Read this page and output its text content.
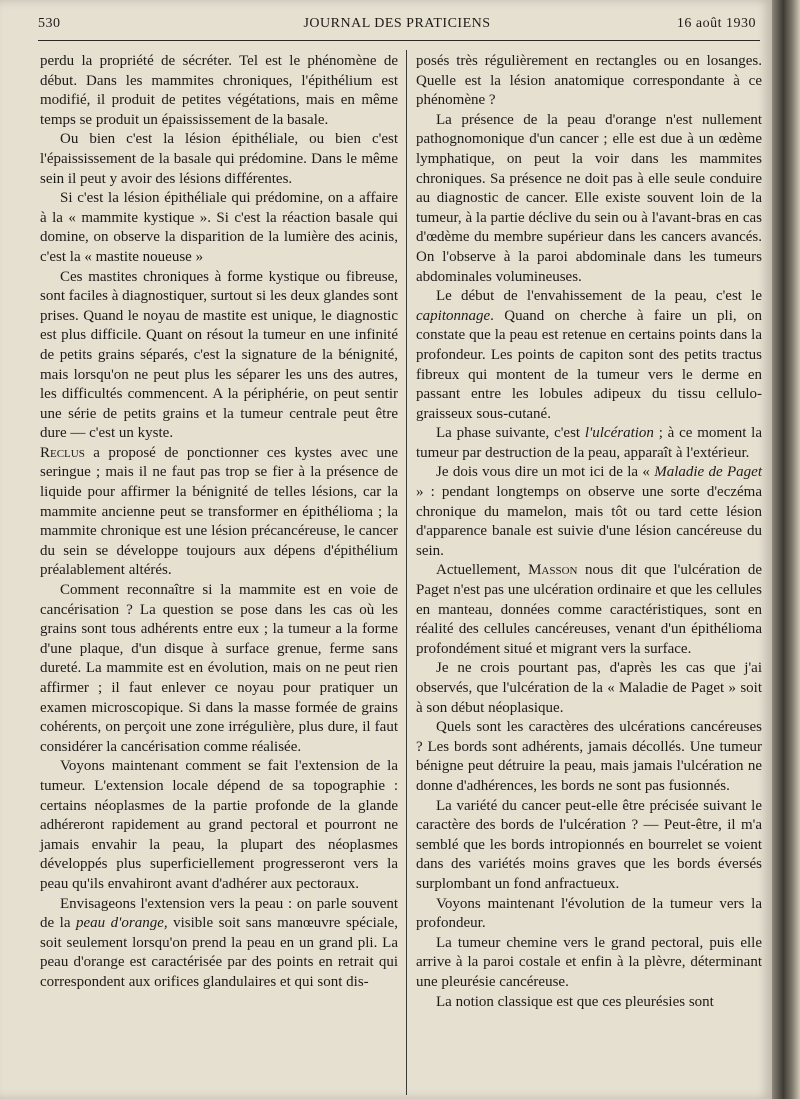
530	JOURNAL DES PRATICIENS	16 août 1930

perdu la propriété de sécréter. Tel est le phénomène de début. Dans les mammites chroniques, l'épithélium est modifié, il produit de petites végétations, mais en même temps se produit un épaississement de la basale.

Ou bien c'est la lésion épithéliale, ou bien c'est l'épaississement de la basale qui prédomine. Dans le même sein il peut y avoir des lésions différentes.

Si c'est la lésion épithéliale qui prédomine, on a affaire à la « mammite kystique ». Si c'est la réaction basale qui domine, on observe la disparition de la lumière des acinis, c'est la « mastite noueuse »

Ces mastites chroniques à forme kystique ou fibreuse, sont faciles à diagnostiquer, surtout si les deux glandes sont prises. Quand le noyau de mastite est unique, le diagnostic est plus difficile. Quant on résout la tumeur en une infinité de petits grains séparés, c'est la signature de la bénignité, mais lorsqu'on ne peut plus les séparer les uns des autres, les difficultés commencent. A la périphérie, on peut sentir une série de petits grains et la tumeur centrale peut être dure — c'est un kyste.

Reclus a proposé de ponctionner ces kystes avec une seringue ; mais il ne faut pas trop se fier à la présence de liquide pour affirmer la bénignité de telles lésions, car la mammite ancienne peut se transformer en épithélioma ; la mammite chronique est une lésion précancéreuse, le cancer du sein se développe toujours aux dépens d'épithélium préalablement altérés.

Comment reconnaître si la mammite est en voie de cancérisation ? La question se pose dans les cas où les grains sont tous adhérents entre eux ; la tumeur a la forme d'une plaque, d'un disque à surface grenue, ferme sans dureté. La mammite est en évolution, mais on ne peut rien affirmer ; il faut enlever ce noyau pour pratiquer un examen microscopique. Si dans la masse formée de grains cohérents, on perçoit une zone irrégulière, plus dure, il faut considérer la cancérisation comme réalisée.

Voyons maintenant comment se fait l'extension de la tumeur. L'extension locale dépend de sa topographie : certains néoplasmes de la partie profonde de la glande adhéreront rapidement au grand pectoral et pourront ne jamais envahir la peau, la plupart des néoplasmes développés plus superficiellement progresseront vers la peau qu'ils envahiront avant d'adhérer aux pectoraux.

Envisageons l'extension vers la peau : on parle souvent de la peau d'orange, visible soit sans manœuvre spéciale, soit seulement lorsqu'on prend la peau en un grand pli. La peau d'orange est caractérisée par des points en retrait qui correspondent aux orifices glandulaires et qui sont dis-

posés très régulièrement en rectangles ou en losanges. Quelle est la lésion anatomique correspondante à ce phénomène ?

La présence de la peau d'orange n'est nullement pathognomonique d'un cancer ; elle est due à un œdème lymphatique, on peut la voir dans les mammites chroniques. Sa présence ne doit pas à elle seule conduire au diagnostic de cancer. Elle existe souvent loin de la tumeur, à la partie déclive du sein ou à l'avant-bras en cas d'œdème du membre supérieur dans les cancers avancés. On l'observe à la paroi abdominale dans les tumeurs abdominales volumineuses.

Le début de l'envahissement de la peau, c'est le capitonnage. Quand on cherche à faire un pli, on constate que la peau est retenue en certains points dans la profondeur. Les points de capiton sont des petits tractus fibreux qui montent de la tumeur vers le derme en passant entre les lobules adipeux du tissu cellulo-graisseux sous-cutané.

La phase suivante, c'est l'ulcération ; à ce moment la tumeur par destruction de la peau, apparaît à l'extérieur.

Je dois vous dire un mot ici de la « Maladie de Paget » : pendant longtemps on observe une sorte d'eczéma chronique du mamelon, mais tôt ou tard cette lésion d'apparence banale est suivie d'une lésion cancéreuse du sein.

Actuellement, Masson nous dit que l'ulcération de Paget n'est pas une ulcération ordinaire et que les cellules en manteau, données comme caractéristiques, sont en réalité des cellules cancéreuses, venant d'un épithélioma profondément situé et migrant vers la surface.

Je ne crois pourtant pas, d'après les cas que j'ai observés, que l'ulcération de la « Maladie de Paget » soit à son début néoplasique.

Quels sont les caractères des ulcérations cancéreuses ? Les bords sont adhérents, jamais décollés. Une tumeur bénigne peut détruire la peau, mais jamais l'ulcération ne donne d'adhérences, les bords ne sont pas fusionnés.

La variété du cancer peut-elle être précisée suivant le caractère des bords de l'ulcération ? — Peut-être, il m'a semblé que les bords intropionnés en bourrelet se voient dans des variétés moins graves que les bords éversés surplombant un fond anfractueux.

Voyons maintenant l'évolution de la tumeur vers la profondeur.

La tumeur chemine vers le grand pectoral, puis elle arrive à la paroi costale et enfin à la plèvre, déterminant une pleurésie cancéreuse.

La notion classique est que ces pleurésies sont
